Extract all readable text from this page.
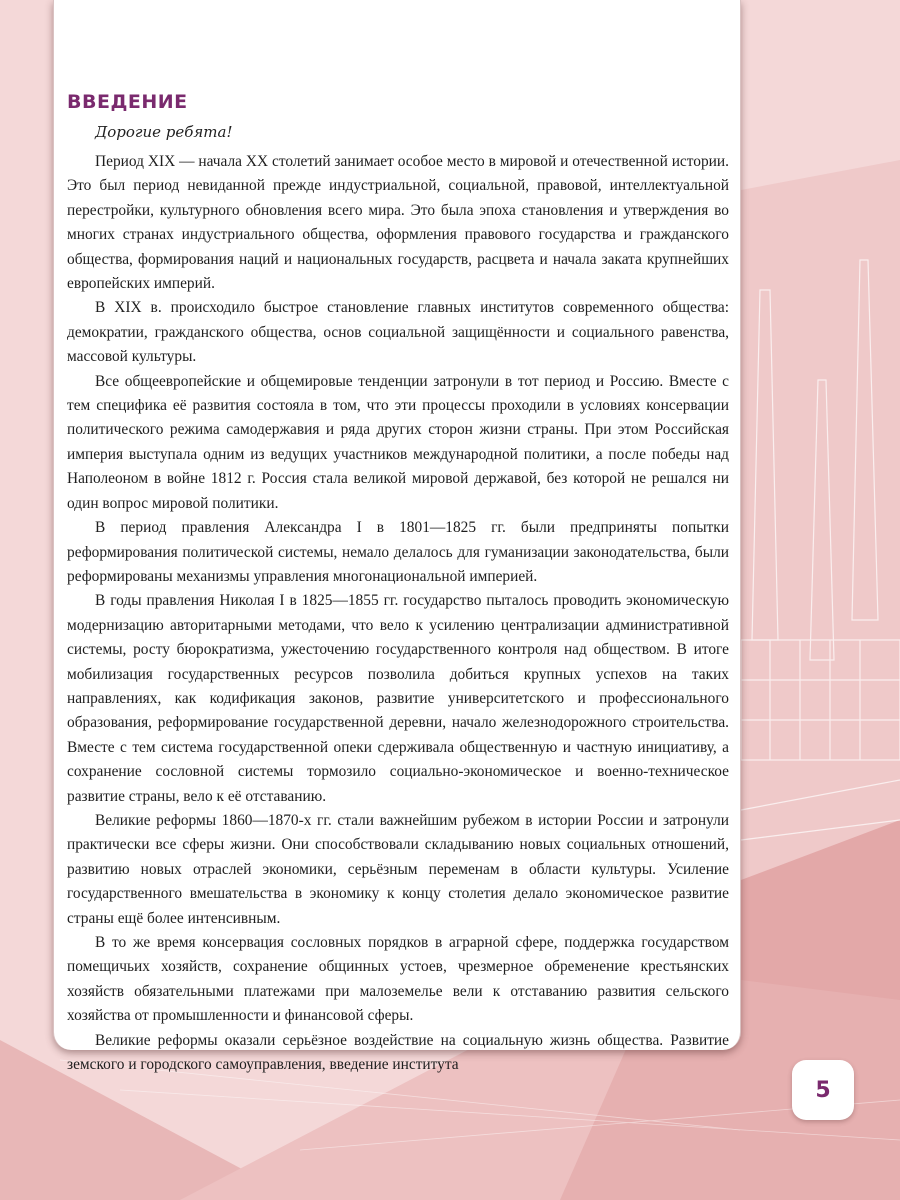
ВВЕДЕНИЕ

Дорогие ребята!

Период XIX — начала XX столетий занимает особое место в мировой и отечественной истории. Это был период невиданной прежде индустриальной, социальной, правовой, интеллектуальной перестройки, культурного обновления всего мира. Это была эпоха становления и утверждения во многих странах индустриального общества, оформления правового государства и гражданского общества, формирования наций и национальных государств, расцвета и начала заката крупнейших европейских империй.

В XIX в. происходило быстрое становление главных институтов современного общества: демократии, гражданского общества, основ социальной защищённости и социального равенства, массовой культуры.

Все общеевропейские и общемировые тенденции затронули в тот период и Россию. Вместе с тем специфика её развития состояла в том, что эти процессы проходили в условиях консервации политического режима самодержавия и ряда других сторон жизни страны. При этом Российская империя выступала одним из ведущих участников международной политики, а после победы над Наполеоном в войне 1812 г. Россия стала великой мировой державой, без которой не решался ни один вопрос мировой политики.

В период правления Александра I в 1801—1825 гг. были предприняты попытки реформирования политической системы, немало делалось для гуманизации законодательства, были реформированы механизмы управления многонациональной империей.

В годы правления Николая I в 1825—1855 гг. государство пыталось проводить экономическую модернизацию авторитарными методами, что вело к усилению централизации административной системы, росту бюрократизма, ужесточению государственного контроля над обществом. В итоге мобилизация государственных ресурсов позволила добиться крупных успехов на таких направлениях, как кодификация законов, развитие университетского и профессионального образования, реформирование государственной деревни, начало железнодорожного строительства. Вместе с тем система государственной опеки сдерживала общественную и частную инициативу, а сохранение сословной системы тормозило социально-экономическое и военно-техническое развитие страны, вело к её отставанию.

Великие реформы 1860—1870-х гг. стали важнейшим рубежом в истории России и затронули практически все сферы жизни. Они способствовали складыванию новых социальных отношений, развитию новых отраслей экономики, серьёзным переменам в области культуры. Усиление государственного вмешательства в экономику к концу столетия делало экономическое развитие страны ещё более интенсивным.

В то же время консервация сословных порядков в аграрной сфере, поддержка государством помещичьих хозяйств, сохранение общинных устоев, чрезмерное обременение крестьянских хозяйств обязательными платежами при малоземелье вели к отставанию развития сельского хозяйства от промышленности и финансовой сферы.

Великие реформы оказали серьёзное воздействие на социальную жизнь общества. Развитие земского и городского самоуправления, введение института

5
